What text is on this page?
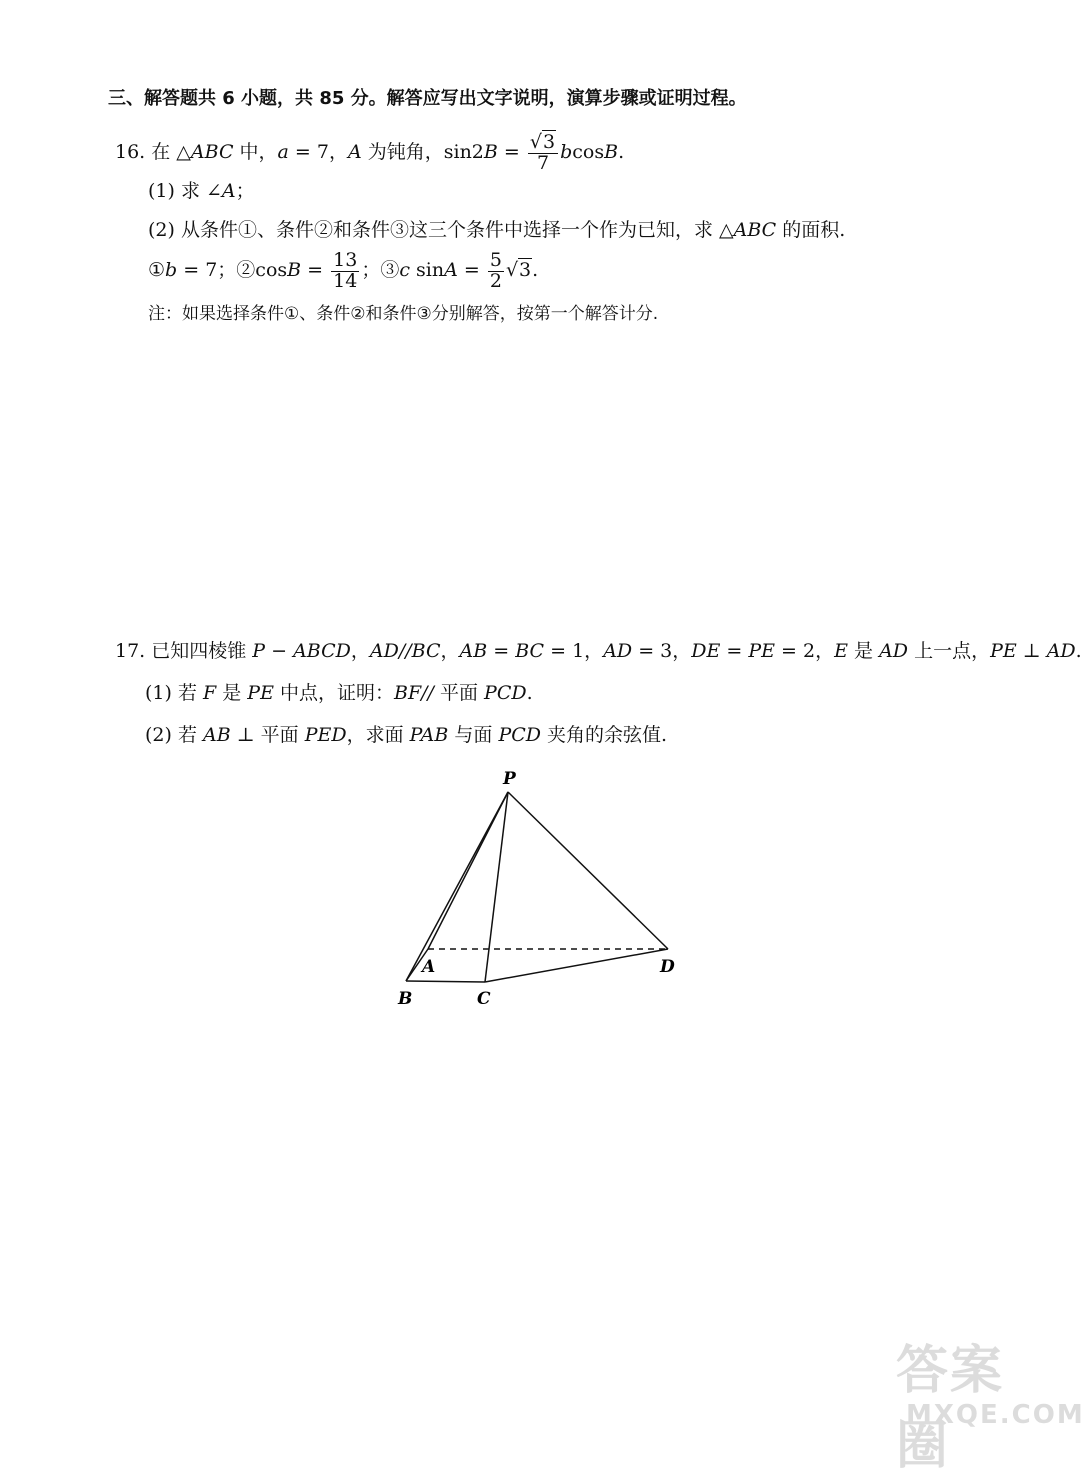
三、解答题共 6 小题，共 85 分。解答应写出文字说明，演算步骤或证明过程。
16. 在 △ABC 中，a = 7，A 为钝角，$\sin 2B = \frac{√3}{7} bcosB$.
(1) 求 ∠A；
(2) 从条件①、条件②和条件③这三个条件中选择一个作为已知，求 △ABC 的面积.
①b = 7；②cosB = $\frac{13}{14}$ ；③c $\sin A = \frac{5}{2} √3$.
注：如果选择条件①、条件②和条件③分别解答，按第一个解答计分.
17. 已知四棱锥 P − ABCD，AD//BC，AB = BC = 1，AD = 3，DE = PE = 2，E 是 AD 上一点，PE ⊥ AD.
(1) 若 F 是 PE 中点，证明：BF// 平面 PCD.
(2) 若 AB ⊥ 平面 PED，求面 PAB 与面 PCD 夹角的余弦值.
P
A
B	C
D
答案圈
MXQE.COM
